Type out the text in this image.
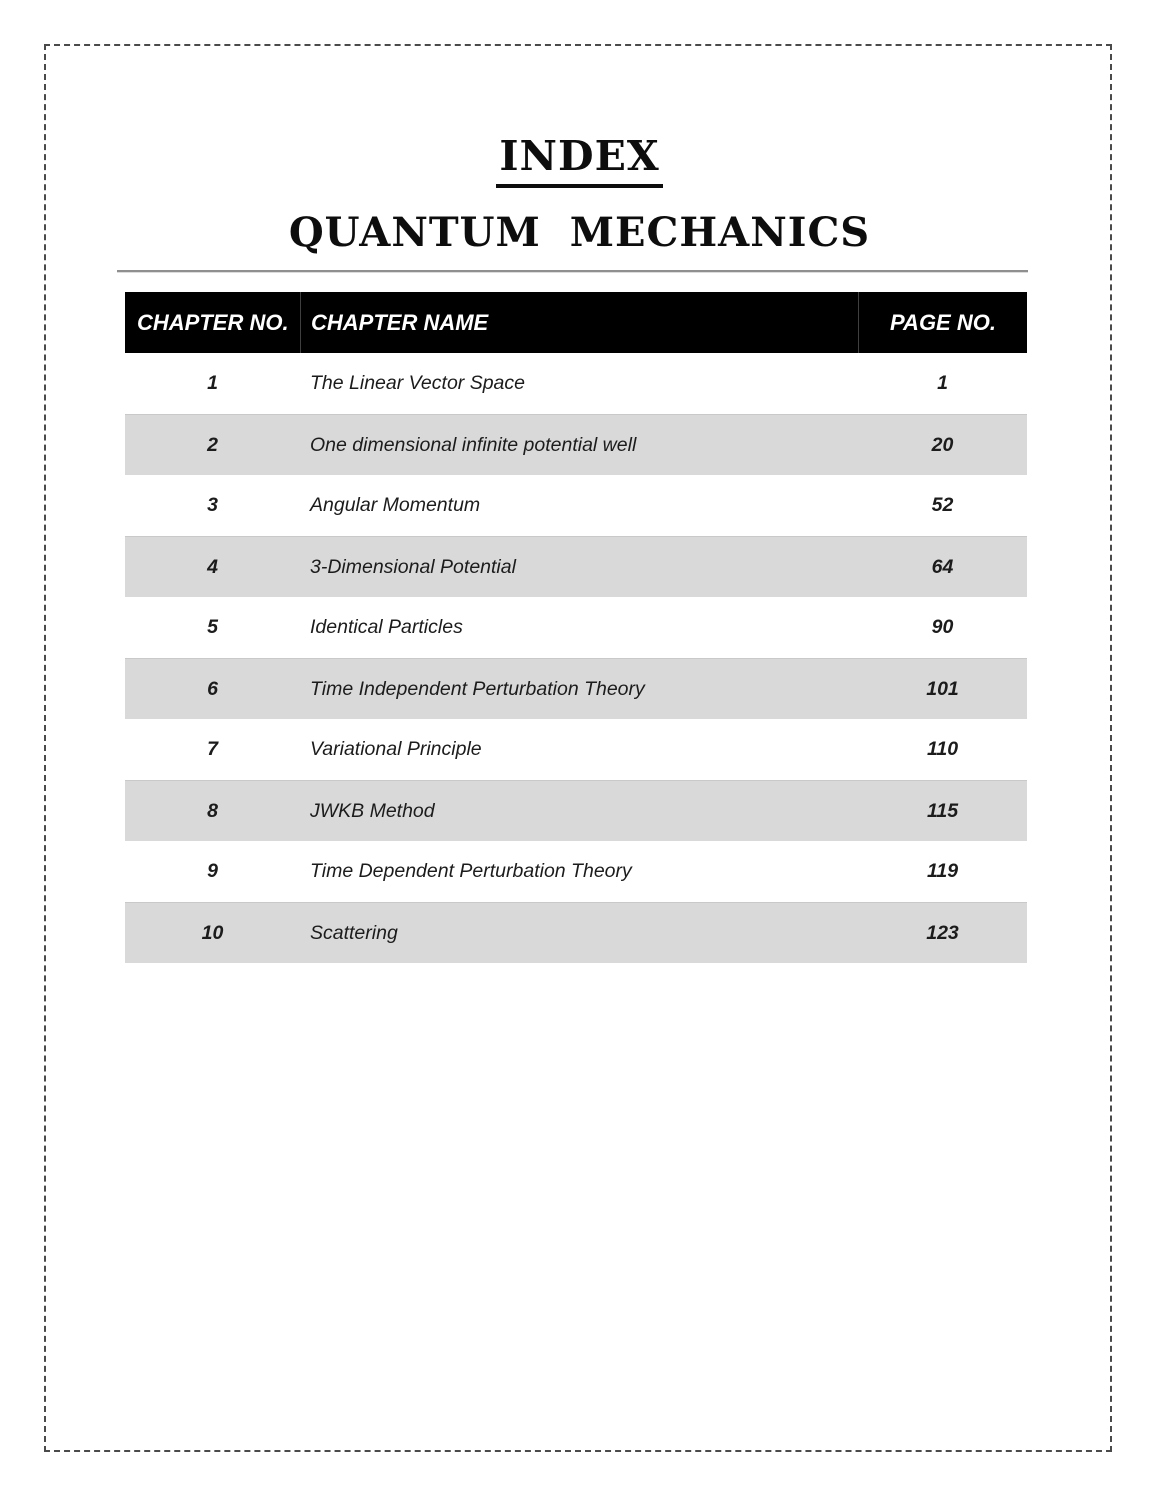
INDEX
QUANTUM MECHANICS
CHAPTER NO.	CHAPTER NAME	PAGE NO.
1	The Linear Vector Space	1
2	One dimensional infinite potential well	20
3	Angular Momentum	52
4	3-Dimensional Potential	64
5	Identical Particles	90
6	Time Independent Perturbation Theory	101
7	Variational Principle	110
8	JWKB Method	115
9	Time Dependent Perturbation Theory	119
10	Scattering	123
